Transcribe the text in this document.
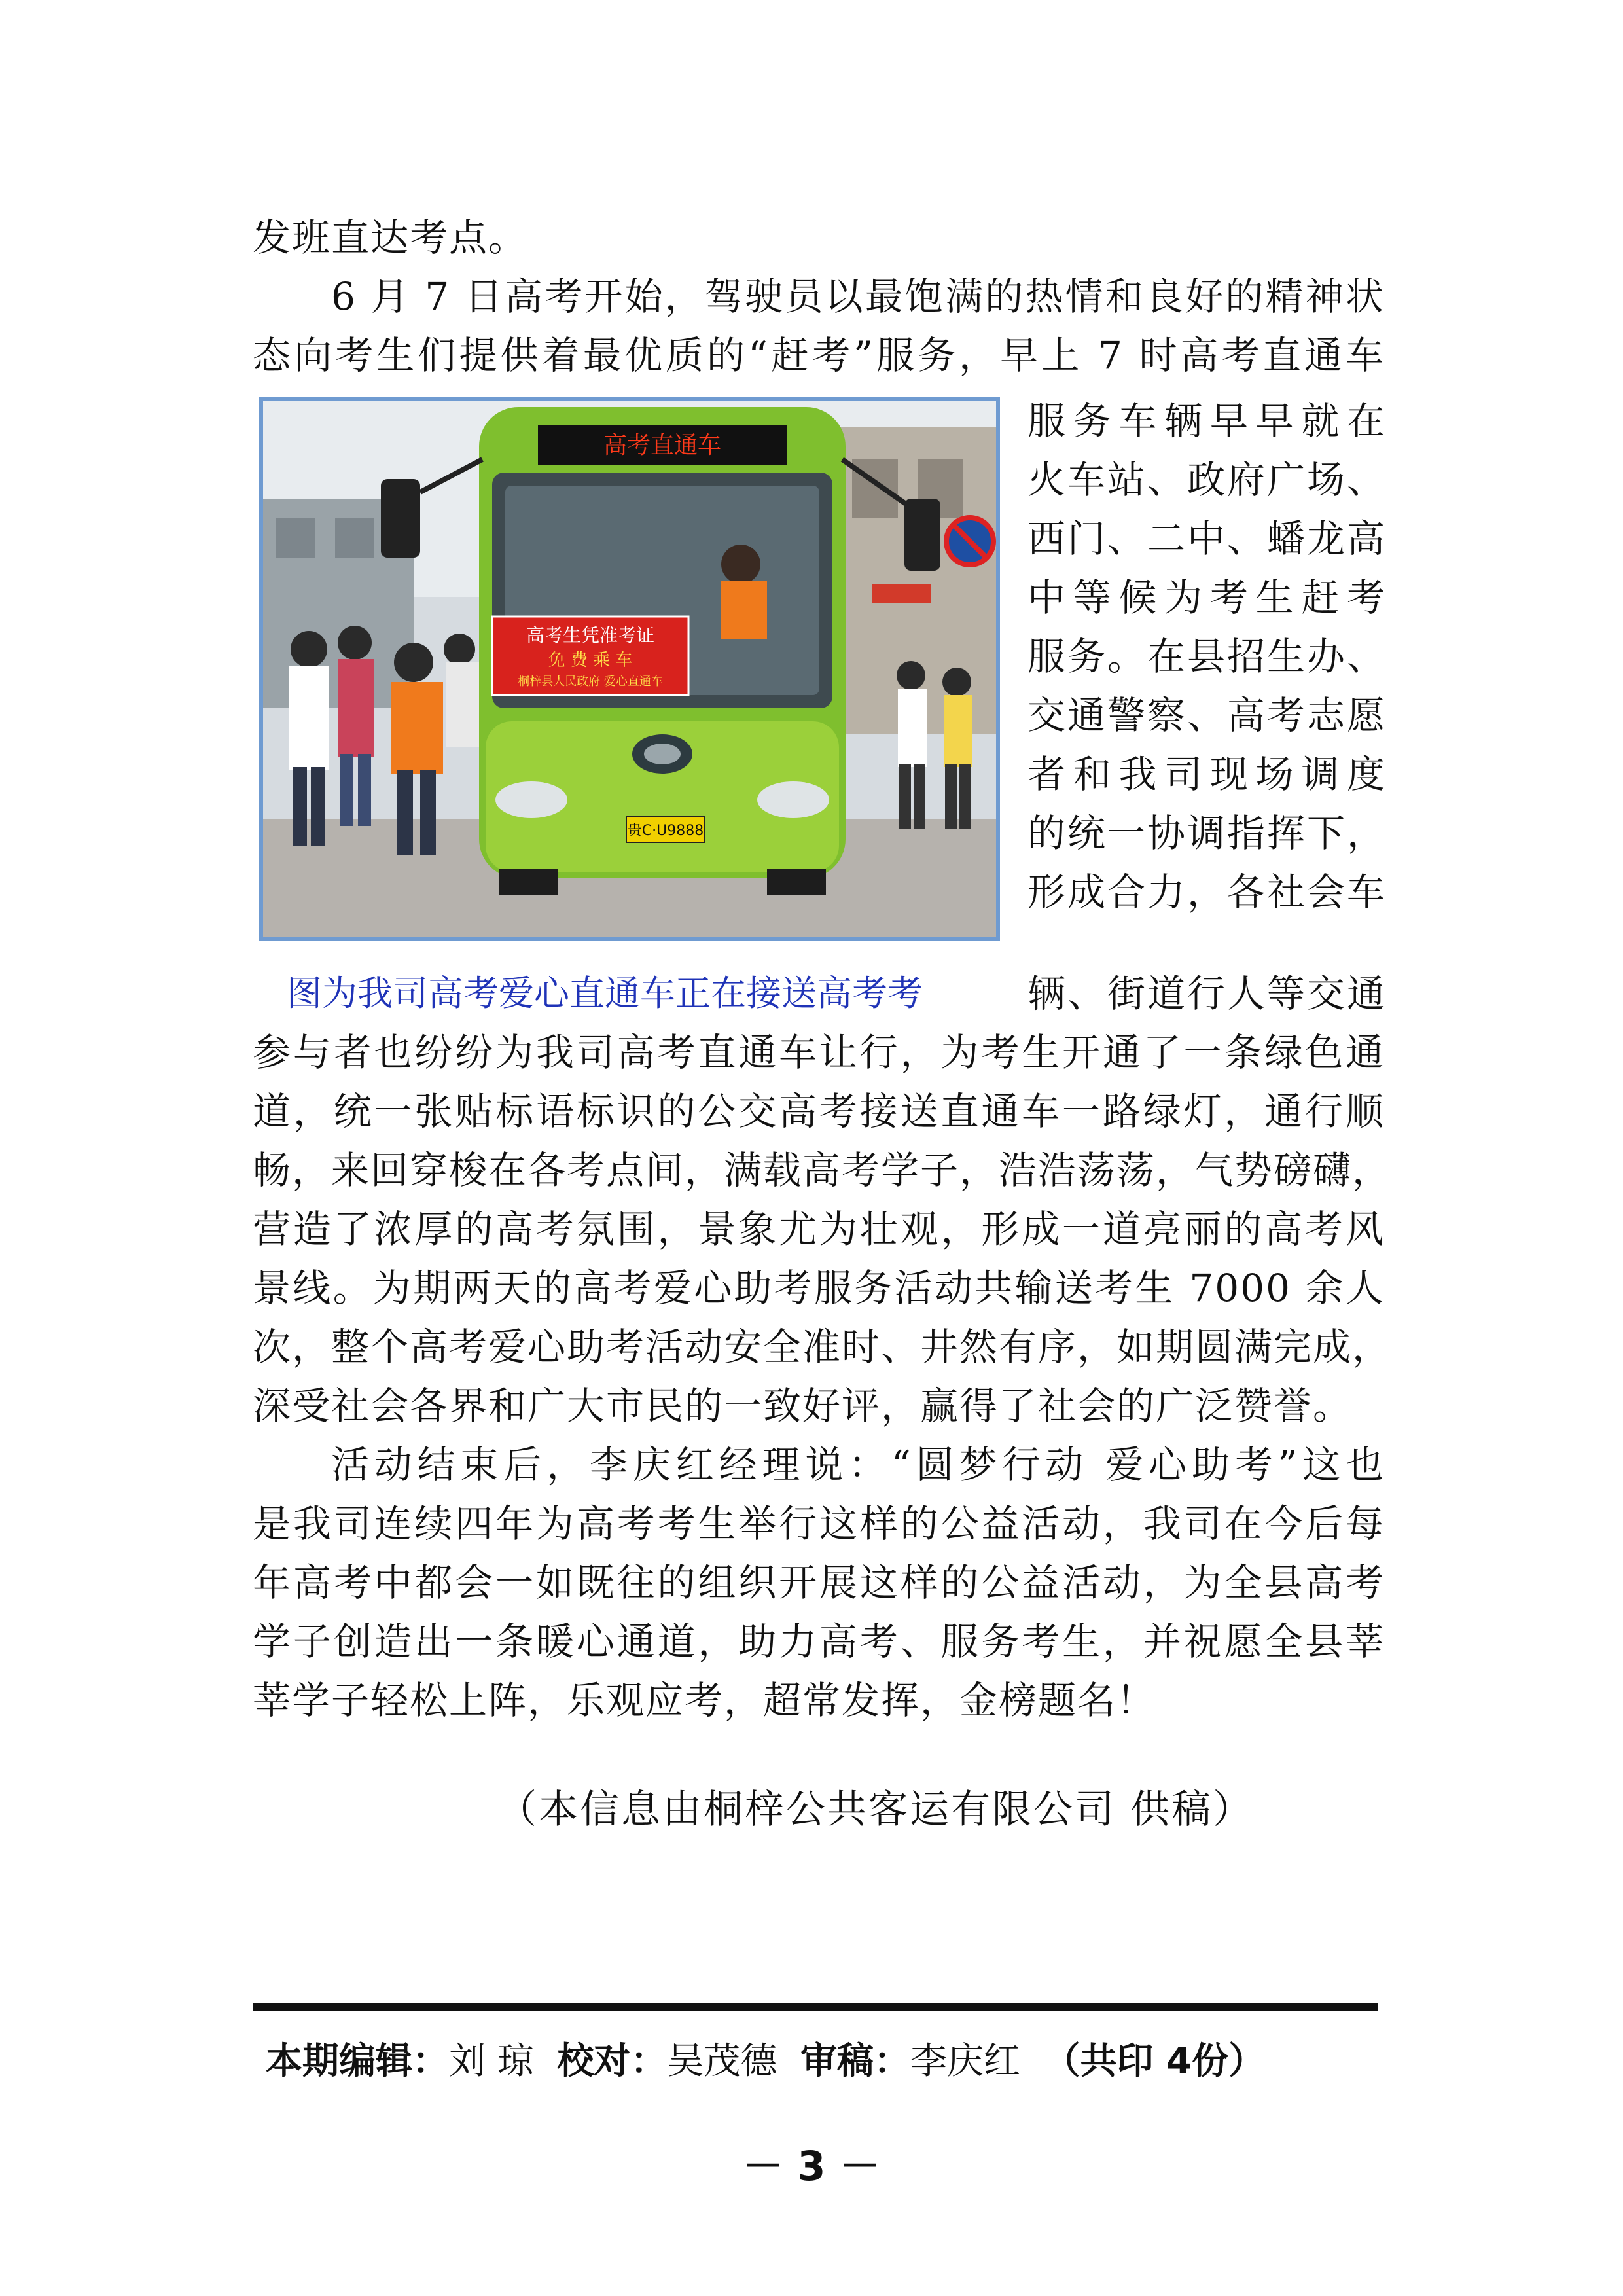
发班直达考点。
6 月 7 日高考开始，驾驶员以最饱满的热情和良好的精神状
态向考生们提供着最优质的“赶考”服务，早上 7 时高考直通车
高考直通车
高考生凭准考证
免 费 乘 车
桐梓县人民政府 爱心直通车
贵C·U9888
服务车辆早早就在
火车站、政府广场、
西门、二中、蟠龙高
中等候为考生赶考
服务。在县招生办、
交通警察、高考志愿
者和我司现场调度
的统一协调指挥下，
形成合力，各社会车
辆、街道行人等交通
图为我司高考爱心直通车正在接送高考考
参与者也纷纷为我司高考直通车让行，为考生开通了一条绿色通
道，统一张贴标语标识的公交高考接送直通车一路绿灯，通行顺
畅，来回穿梭在各考点间，满载高考学子，浩浩荡荡，气势磅礴，
营造了浓厚的高考氛围，景象尤为壮观，形成一道亮丽的高考风
景线。为期两天的高考爱心助考服务活动共输送考生 7000 余人
次，整个高考爱心助考活动安全准时、井然有序，如期圆满完成，
深受社会各界和广大市民的一致好评，赢得了社会的广泛赞誉。
活动结束后，李庆红经理说：“圆梦行动 爱心助考”这也
是我司连续四年为高考考生举行这样的公益活动，我司在今后每
年高考中都会一如既往的组织开展这样的公益活动，为全县高考
学子创造出一条暖心通道，助力高考、服务考生，并祝愿全县莘
莘学子轻松上阵，乐观应考，超常发挥，金榜题名！
（本信息由桐梓公共客运有限公司 供稿）
本期编辑：刘 琼 校对：吴茂德 审稿：李庆红 （共印 4份）
－ 3 －
